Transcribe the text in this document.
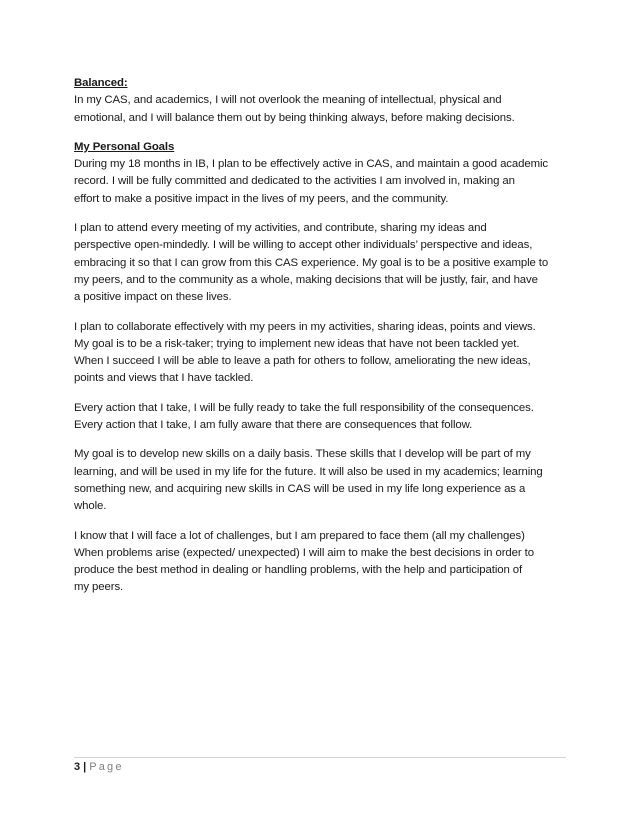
Balanced:

In my CAS, and academics, I will not overlook the meaning of intellectual, physical and
emotional, and I will balance them out by being thinking always, before making decisions.

My Personal Goals

During my 18 months in IB, I plan to be effectively active in CAS, and maintain a good academic
record. I will be fully committed and dedicated to the activities I am involved in, making an
effort to make a positive impact in the lives of my peers, and the community.

I plan to attend every meeting of my activities, and contribute, sharing my ideas and
perspective open-mindedly. I will be willing to accept other individuals’ perspective and ideas,
embracing it so that I can grow from this CAS experience. My goal is to be a positive example to
my peers, and to the community as a whole, making decisions that will be justly, fair, and have
a positive impact on these lives.

I plan to collaborate effectively with my peers in my activities, sharing ideas, points and views.
My goal is to be a risk-taker; trying to implement new ideas that have not been tackled yet.
When I succeed I will be able to leave a path for others to follow, ameliorating the new ideas,
points and views that I have tackled.

Every action that I take, I will be fully ready to take the full responsibility of the consequences.
Every action that I take, I am fully aware that there are consequences that follow.

My goal is to develop new skills on a daily basis. These skills that I develop will be part of my
learning, and will be used in my life for the future. It will also be used in my academics; learning
something new, and acquiring new skills in CAS will be used in my life long experience as a
whole.

I know that I will face a lot of challenges, but I am prepared to face them (all my challenges)
When problems arise (expected/ unexpected) I will aim to make the best decisions in order to
produce the best method in dealing or handling problems, with the help and participation of
my peers.

3 | Page
